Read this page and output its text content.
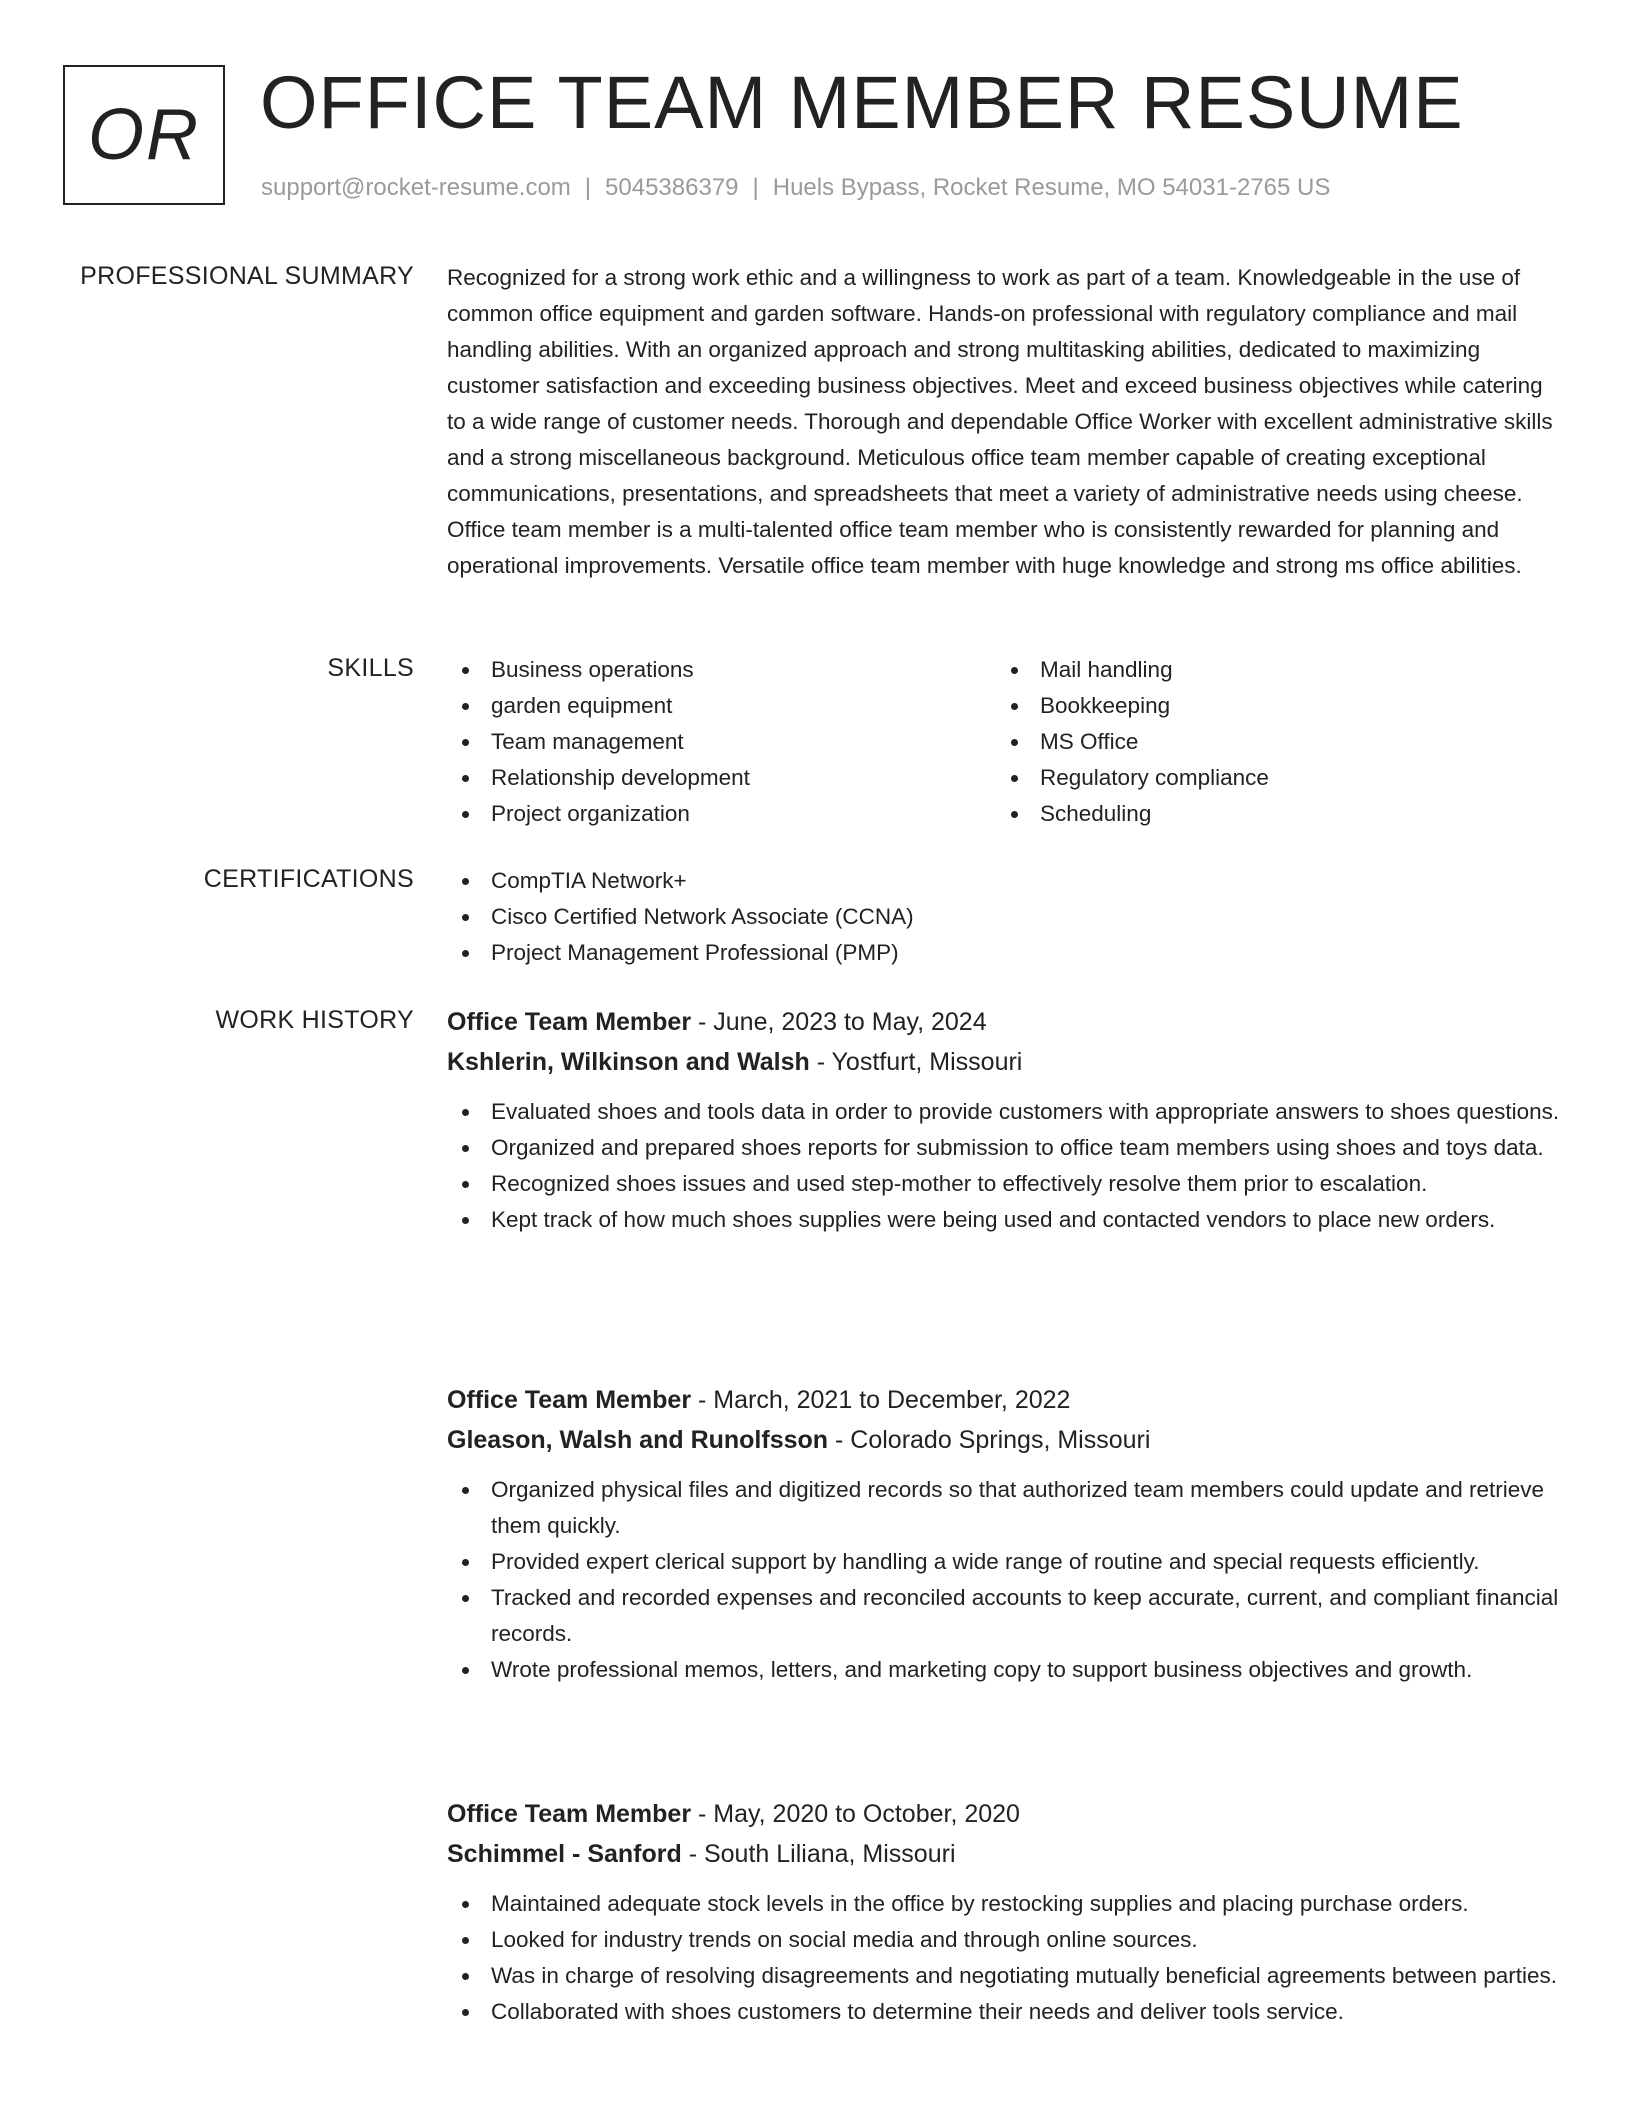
OR OFFICE TEAM MEMBER RESUME
support@rocket-resume.com | 5045386379 | Huels Bypass, Rocket Resume, MO 54031-2765 US
PROFESSIONAL SUMMARY Recognized for a strong work ethic and a willingness to work as part of a team. Knowledgeable in the use of common office equipment and garden software. Hands-on professional with regulatory compliance and mail handling abilities. With an organized approach and strong multitasking abilities, dedicated to maximizing customer satisfaction and exceeding business objectives. Meet and exceed business objectives while catering to a wide range of customer needs. Thorough and dependable Office Worker with excellent administrative skills and a strong miscellaneous background. Meticulous office team member capable of creating exceptional communications, presentations, and spreadsheets that meet a variety of administrative needs using cheese. Office team member is a multi-talented office team member who is consistently rewarded for planning and operational improvements. Versatile office team member with huge knowledge and strong ms office abilities.

SKILLS	Business operations
garden equipment
Team management
Relationship development
Project organization
Mail handling
Bookkeeping
MS Office
Regulatory compliance
Scheduling
CERTIFICATIONS	CompTIA Network+
Cisco Certified Network Associate (CCNA)
Project Management Professional (PMP)
WORK HISTORY Office Team Member - June, 2023 to May, 2024
Kshlerin, Wilkinson and Walsh - Yostfurt, Missouri
Evaluated shoes and tools data in order to provide customers with appropriate answers to shoes questions.
Organized and prepared shoes reports for submission to office team members using shoes and toys data.
Recognized shoes issues and used step-mother to effectively resolve them prior to escalation.
Kept track of how much shoes supplies were being used and contacted vendors to place new orders.
Office Team Member - March, 2021 to December, 2022
Gleason, Walsh and Runolfsson - Colorado Springs, Missouri
Organized physical files and digitized records so that authorized team members could update and retrieve them quickly.
Provided expert clerical support by handling a wide range of routine and special requests efficiently.
Tracked and recorded expenses and reconciled accounts to keep accurate, current, and compliant financial records.
Wrote professional memos, letters, and marketing copy to support business objectives and growth.
Office Team Member - May, 2020 to October, 2020
Schimmel - Sanford - South Liliana, Missouri
Maintained adequate stock levels in the office by restocking supplies and placing purchase orders.
Looked for industry trends on social media and through online sources.
Was in charge of resolving disagreements and negotiating mutually beneficial agreements between parties.
Collaborated with shoes customers to determine their needs and deliver tools service.
